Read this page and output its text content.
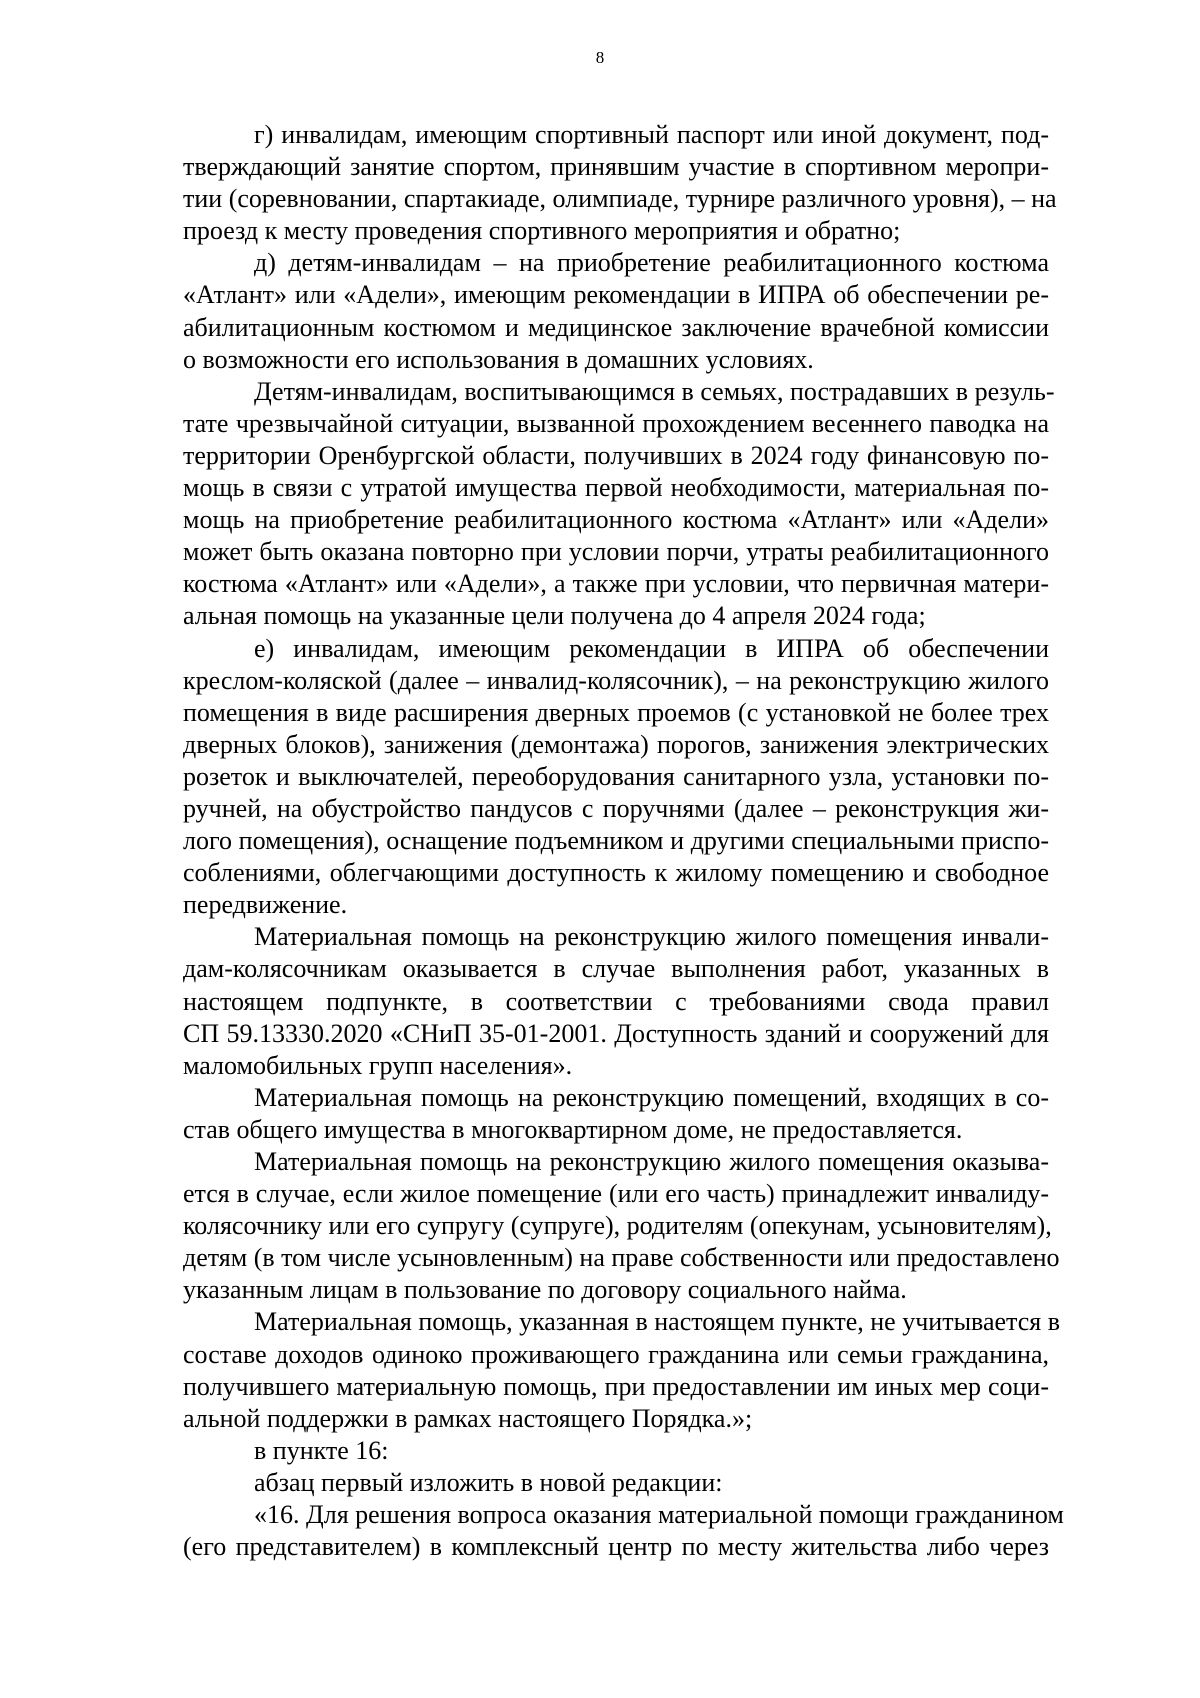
8
г) инвалидам, имеющим спортивный паспорт или иной документ, под-
тверждающий занятие спортом, принявшим участие в спортивном меропри-
тии (соревновании, спартакиаде, олимпиаде, турнире различного уровня), – на
проезд к месту проведения спортивного мероприятия и обратно;
д) детям-инвалидам – на приобретение реабилитационного костюма
«Атлант» или «Адели», имеющим рекомендации в ИПРА об обеспечении ре-
абилитационным костюмом и медицинское заключение врачебной комиссии
о возможности его использования в домашних условиях.
Детям-инвалидам, воспитывающимся в семьях, пострадавших в резуль-
тате чрезвычайной ситуации, вызванной прохождением весеннего паводка на
территории Оренбургской области, получивших в 2024 году финансовую по-
мощь в связи с утратой имущества первой необходимости, материальная по-
мощь на приобретение реабилитационного костюма «Атлант» или «Адели»
может быть оказана повторно при условии порчи, утраты реабилитационного
костюма «Атлант» или «Адели», а также при условии, что первичная матери-
альная помощь на указанные цели получена до 4 апреля 2024 года;
е) инвалидам, имеющим рекомендации в ИПРА об обеспечении
креслом-коляской (далее – инвалид-колясочник), – на реконструкцию жилого
помещения в виде расширения дверных проемов (с установкой не более трех
дверных блоков), занижения (демонтажа) порогов, занижения электрических
розеток и выключателей, переоборудования санитарного узла, установки по-
ручней, на обустройство пандусов с поручнями (далее – реконструкция жи-
лого помещения), оснащение подъемником и другими специальными приспо-
соблениями, облегчающими доступность к жилому помещению и свободное
передвижение.
Материальная помощь на реконструкцию жилого помещения инвали-
дам-колясочникам оказывается в случае выполнения работ, указанных в
настоящем подпункте, в соответствии с требованиями свода правил
СП 59.13330.2020 «СНиП 35-01-2001. Доступность зданий и сооружений для
маломобильных групп населения».
Материальная помощь на реконструкцию помещений, входящих в со-
став общего имущества в многоквартирном доме, не предоставляется.
Материальная помощь на реконструкцию жилого помещения оказыва-
ется в случае, если жилое помещение (или его часть) принадлежит инвалиду-
колясочнику или его супругу (супруге), родителям (опекунам, усыновителям),
детям (в том числе усыновленным) на праве собственности или предоставлено
указанным лицам в пользование по договору социального найма.
Материальная помощь, указанная в настоящем пункте, не учитывается в
составе доходов одиноко проживающего гражданина или семьи гражданина,
получившего материальную помощь, при предоставлении им иных мер соци-
альной поддержки в рамках настоящего Порядка.»;
в пункте 16:
абзац первый изложить в новой редакции:
«16. Для решения вопроса оказания материальной помощи гражданином
(его представителем) в комплексный центр по месту жительства либо через
